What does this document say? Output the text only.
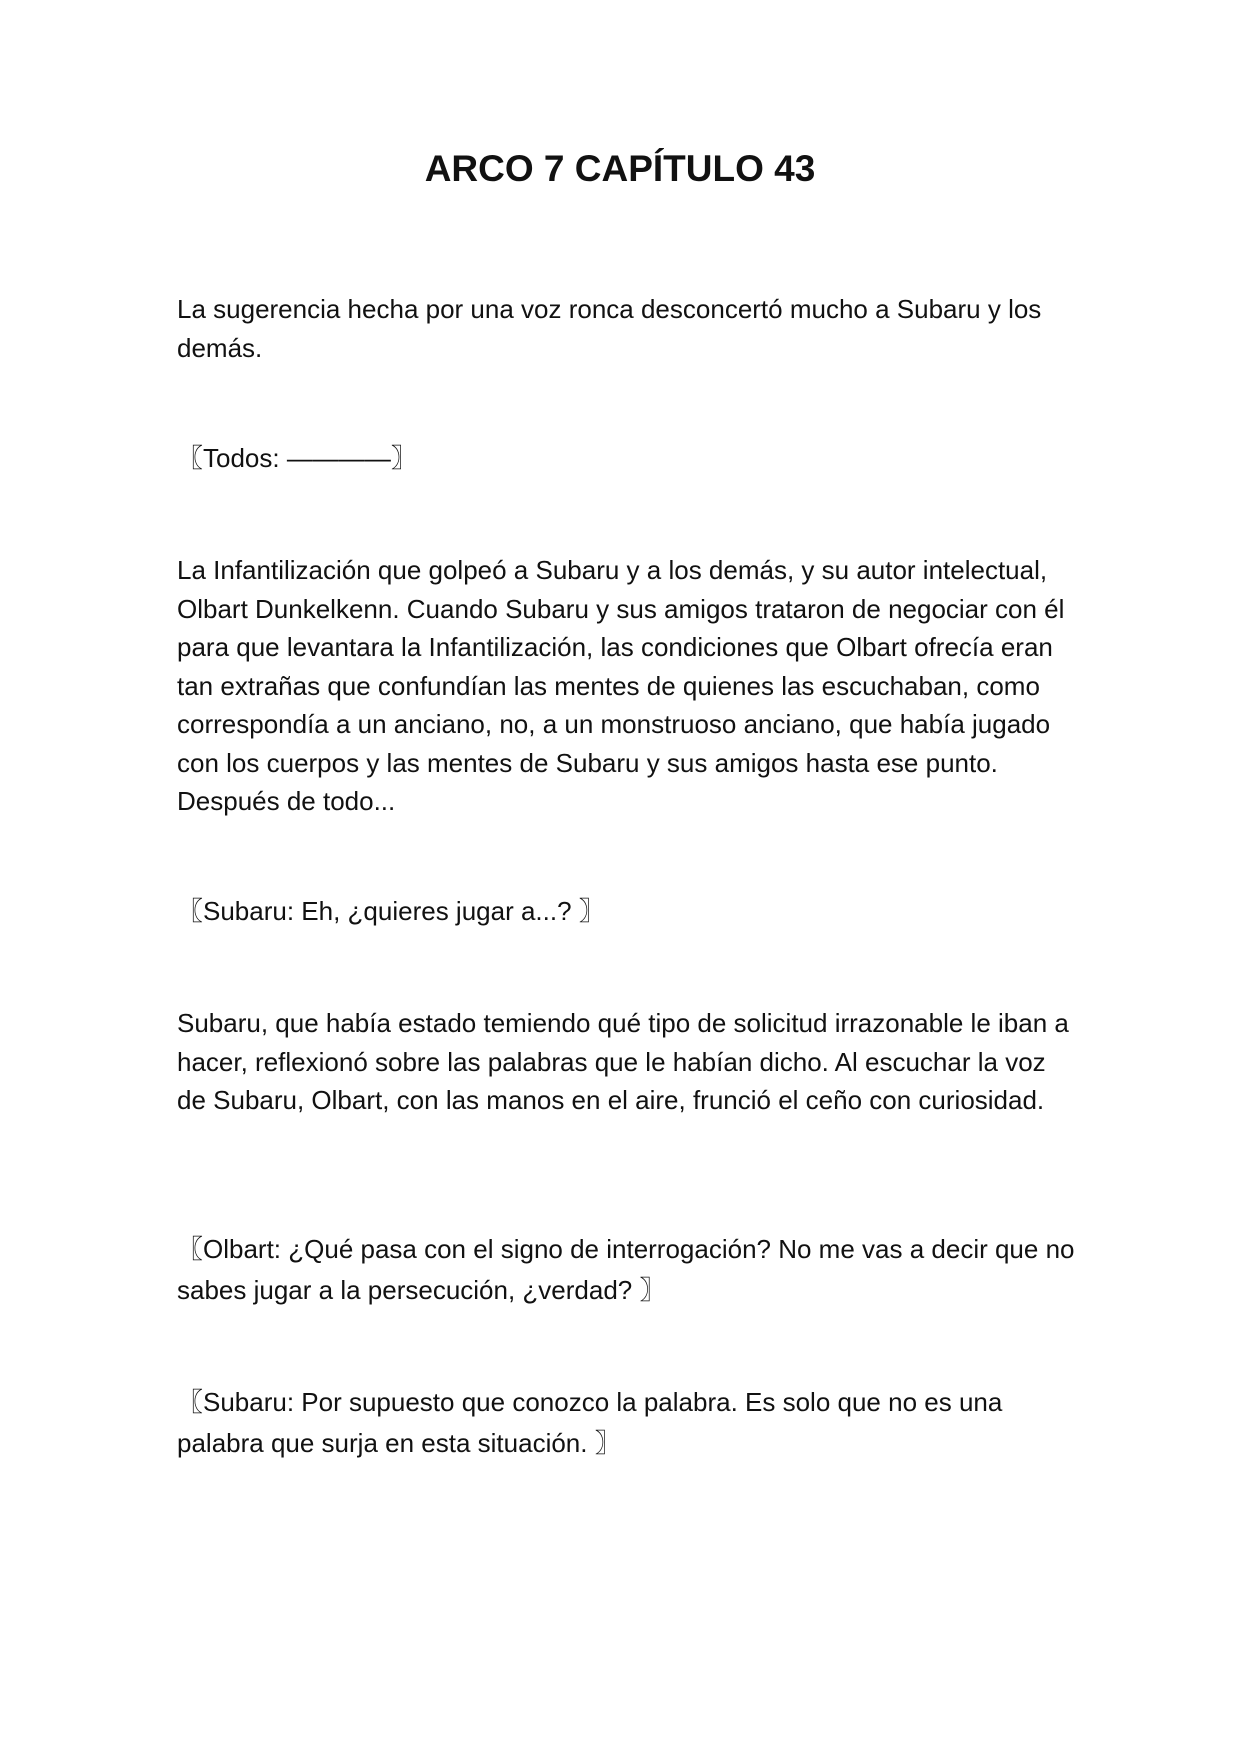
ARCO 7 CAPÍTULO 43

La sugerencia hecha por una voz ronca desconcertó mucho a Subaru y los demás.

〖Todos: ————〗

La Infantilización que golpeó a Subaru y a los demás, y su autor intelectual, Olbart Dunkelkenn. Cuando Subaru y sus amigos trataron de negociar con él para que levantara la Infantilización, las condiciones que Olbart ofrecía eran tan extrañas que confundían las mentes de quienes las escuchaban, como correspondía a un anciano, no, a un monstruoso anciano, que había jugado con los cuerpos y las mentes de Subaru y sus amigos hasta ese punto. Después de todo...

〖Subaru: Eh, ¿quieres jugar a...? 〗

Subaru, que había estado temiendo qué tipo de solicitud irrazonable le iban a hacer, reflexionó sobre las palabras que le habían dicho. Al escuchar la voz de Subaru, Olbart, con las manos en el aire, frunció el ceño con curiosidad.

〖Olbart: ¿Qué pasa con el signo de interrogación? No me vas a decir que no sabes jugar a la persecución, ¿verdad? 〗

〖Subaru: Por supuesto que conozco la palabra. Es solo que no es una palabra que surja en esta situación. 〗
